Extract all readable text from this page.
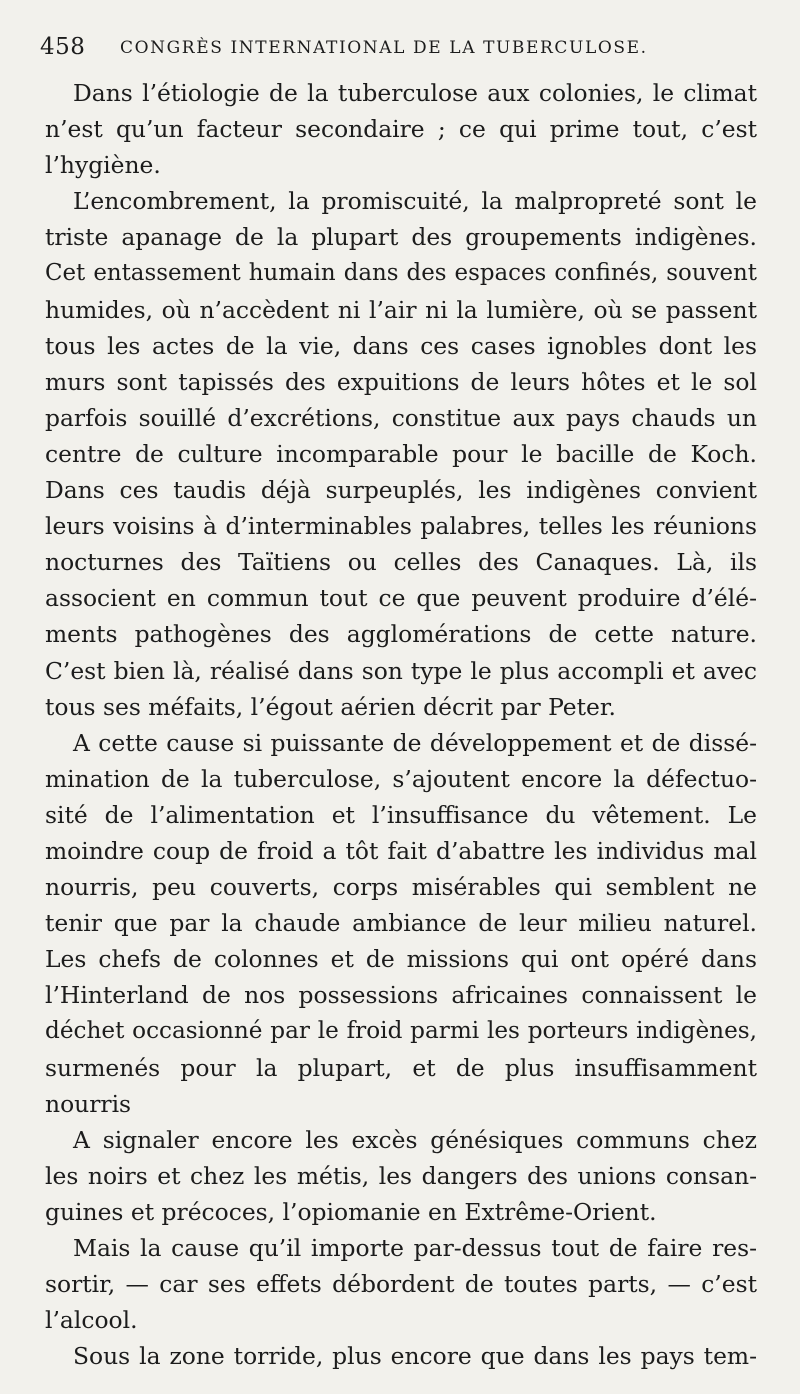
458 CONGRÈS INTERNATIONAL DE LA TUBERCULOSE.
Dans l’étiologie de la tuberculose aux colonies, le climat
n’est qu’un facteur secondaire ; ce qui prime tout, c’est
l’hygiène.
L’encombrement, la promiscuité, la malpropreté sont le
triste apanage de la plupart des groupements indigènes.
Cet entassement humain dans des espaces confinés, souvent
humides, où n’accèdent ni l’air ni la lumière, où se passent
tous les actes de la vie, dans ces cases ignobles dont les
murs sont tapissés des expuitions de leurs hôtes et le sol
parfois souillé d’excrétions, constitue aux pays chauds un
centre de culture incomparable pour le bacille de Koch.
Dans ces taudis déjà surpeuplés, les indigènes convient
leurs voisins à d’interminables palabres, telles les réunions
nocturnes des Taïtiens ou celles des Canaques. Là, ils
associent en commun tout ce que peuvent produire d’élé-
ments pathogènes des agglomérations de cette nature.
C’est bien là, réalisé dans son type le plus accompli et avec
tous ses méfaits, l’égout aérien décrit par Peter.
A cette cause si puissante de développement et de dissé-
mination de la tuberculose, s’ajoutent encore la défectuo-
sité de l’alimentation et l’insuffisance du vêtement. Le
moindre coup de froid a tôt fait d’abattre les individus mal
nourris, peu couverts, corps misérables qui semblent ne
tenir que par la chaude ambiance de leur milieu naturel.
Les chefs de colonnes et de missions qui ont opéré dans
l’Hinterland de nos possessions africaines connaissent le
déchet occasionné par le froid parmi les porteurs indigènes,
surmenés pour la plupart, et de plus insuffisamment
nourris
A signaler encore les excès génésiques communs chez
les noirs et chez les métis, les dangers des unions consan-
guines et précoces, l’opiomanie en Extrême-Orient.
Mais la cause qu’il importe par-dessus tout de faire res-
sortir, — car ses effets débordent de toutes parts, — c’est
l’alcool.
Sous la zone torride, plus encore que dans les pays tem-
